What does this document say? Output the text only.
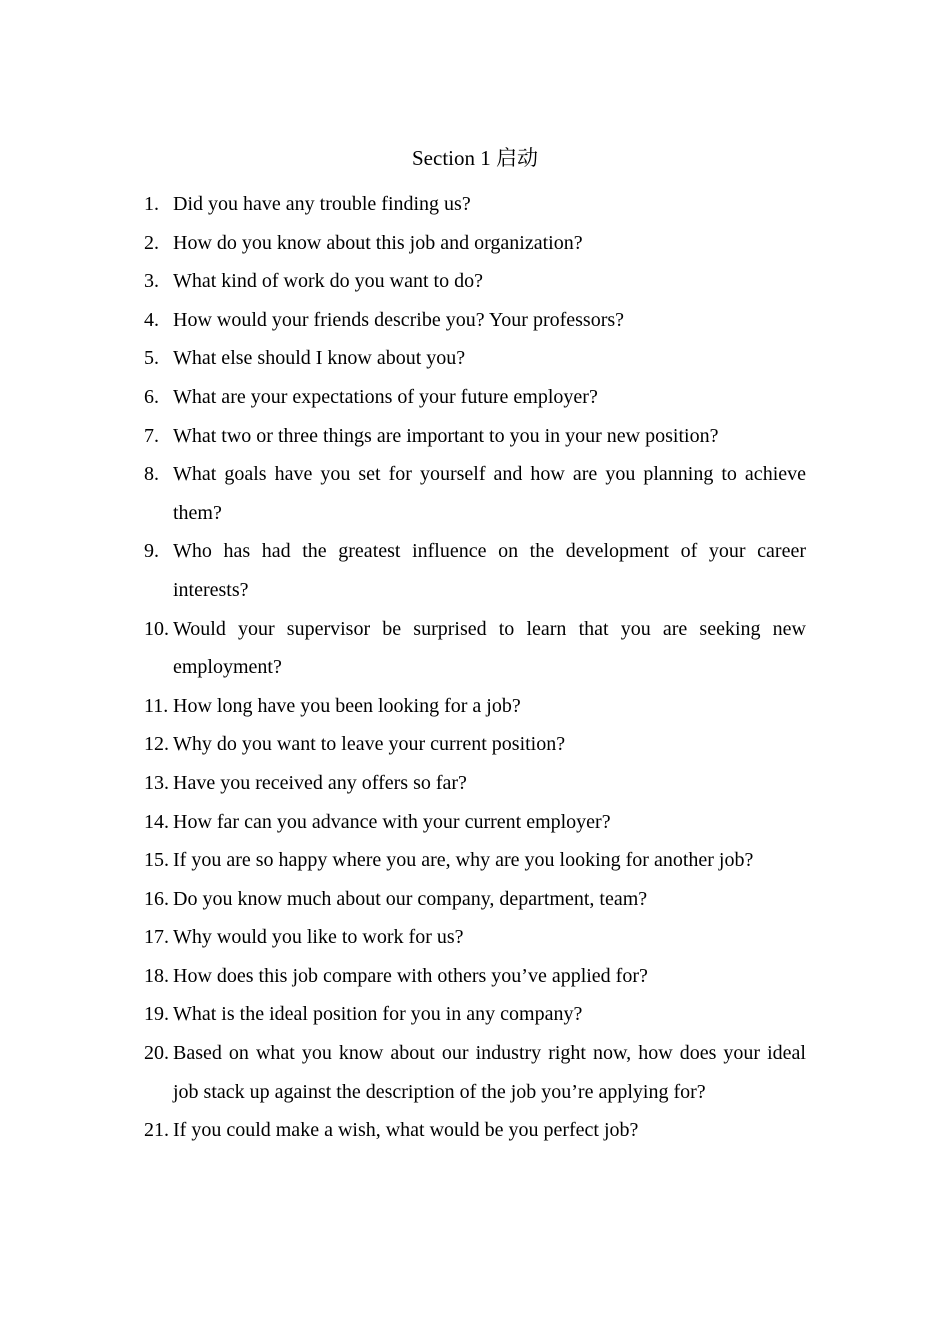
Section 1 启动
1. Did you have any trouble finding us?
2. How do you know about this job and organization?
3. What kind of work do you want to do?
4. How would your friends describe you? Your professors?
5. What else should I know about you?
6. What are your expectations of your future employer?
7. What two or three things are important to you in your new position?
8. What goals have you set for yourself and how are you planning to achieve them?
9. Who has had the greatest influence on the development of your career interests?
10. Would your supervisor be surprised to learn that you are seeking new employment?
11. How long have you been looking for a job?
12. Why do you want to leave your current position?
13. Have you received any offers so far?
14. How far can you advance with your current employer?
15. If you are so happy where you are, why are you looking for another job?
16. Do you know much about our company, department, team?
17. Why would you like to work for us?
18. How does this job compare with others you’ve applied for?
19. What is the ideal position for you in any company?
20. Based on what you know about our industry right now, how does your ideal job stack up against the description of the job you’re applying for?
21. If you could make a wish, what would be you perfect job?
